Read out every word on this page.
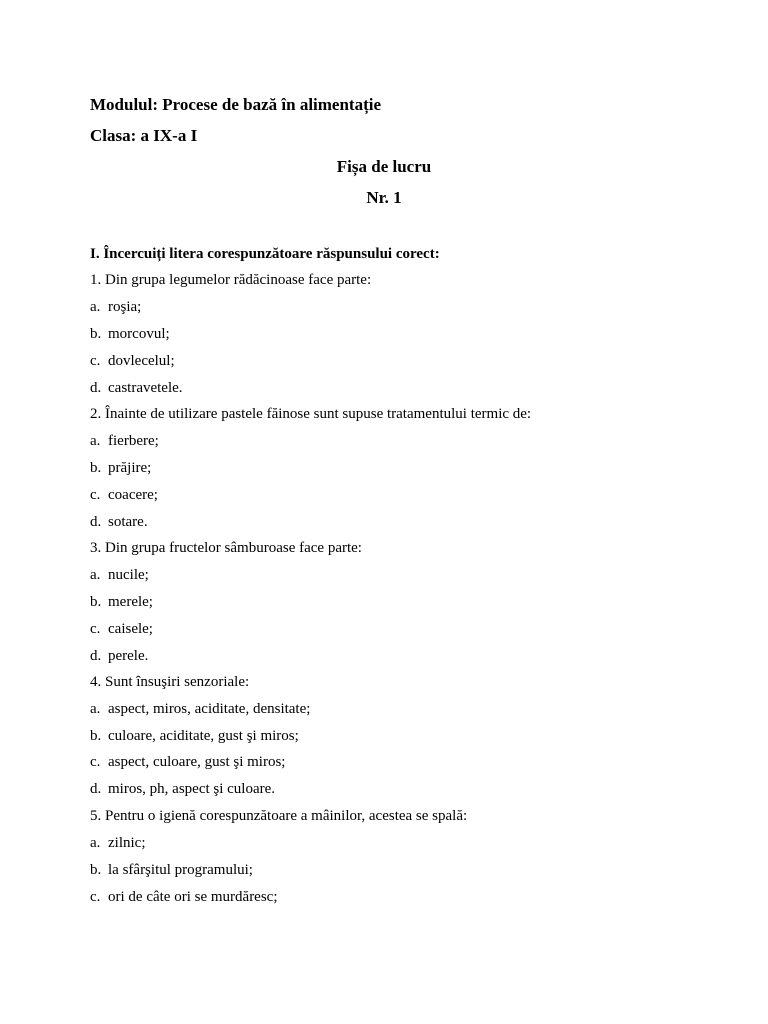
Modulul: Procese de bază în alimentație
Clasa: a IX-a I
Fișa de lucru
Nr. 1
I. Încercuiți litera corespunzătoare răspunsului corect:
1. Din grupa legumelor rădăcinoase face parte:
a. roşia;
b. morcovul;
c. dovlecelul;
d. castravetele.
2. Înainte de utilizare pastele făinose sunt supuse tratamentului termic de:
a. fierbere;
b. prăjire;
c. coacere;
d. sotare.
3. Din grupa fructelor sâmburoase face parte:
a. nucile;
b. merele;
c. caisele;
d. perele.
4. Sunt însuşiri senzoriale:
a. aspect, miros, aciditate, densitate;
b. culoare, aciditate, gust şi miros;
c. aspect, culoare, gust şi miros;
d. miros, ph, aspect şi culoare.
5. Pentru o igienă corespunzătoare a mâinilor, acestea se spală:
a. zilnic;
b. la sfârşitul programului;
c. ori de câte ori se murdăresc;
